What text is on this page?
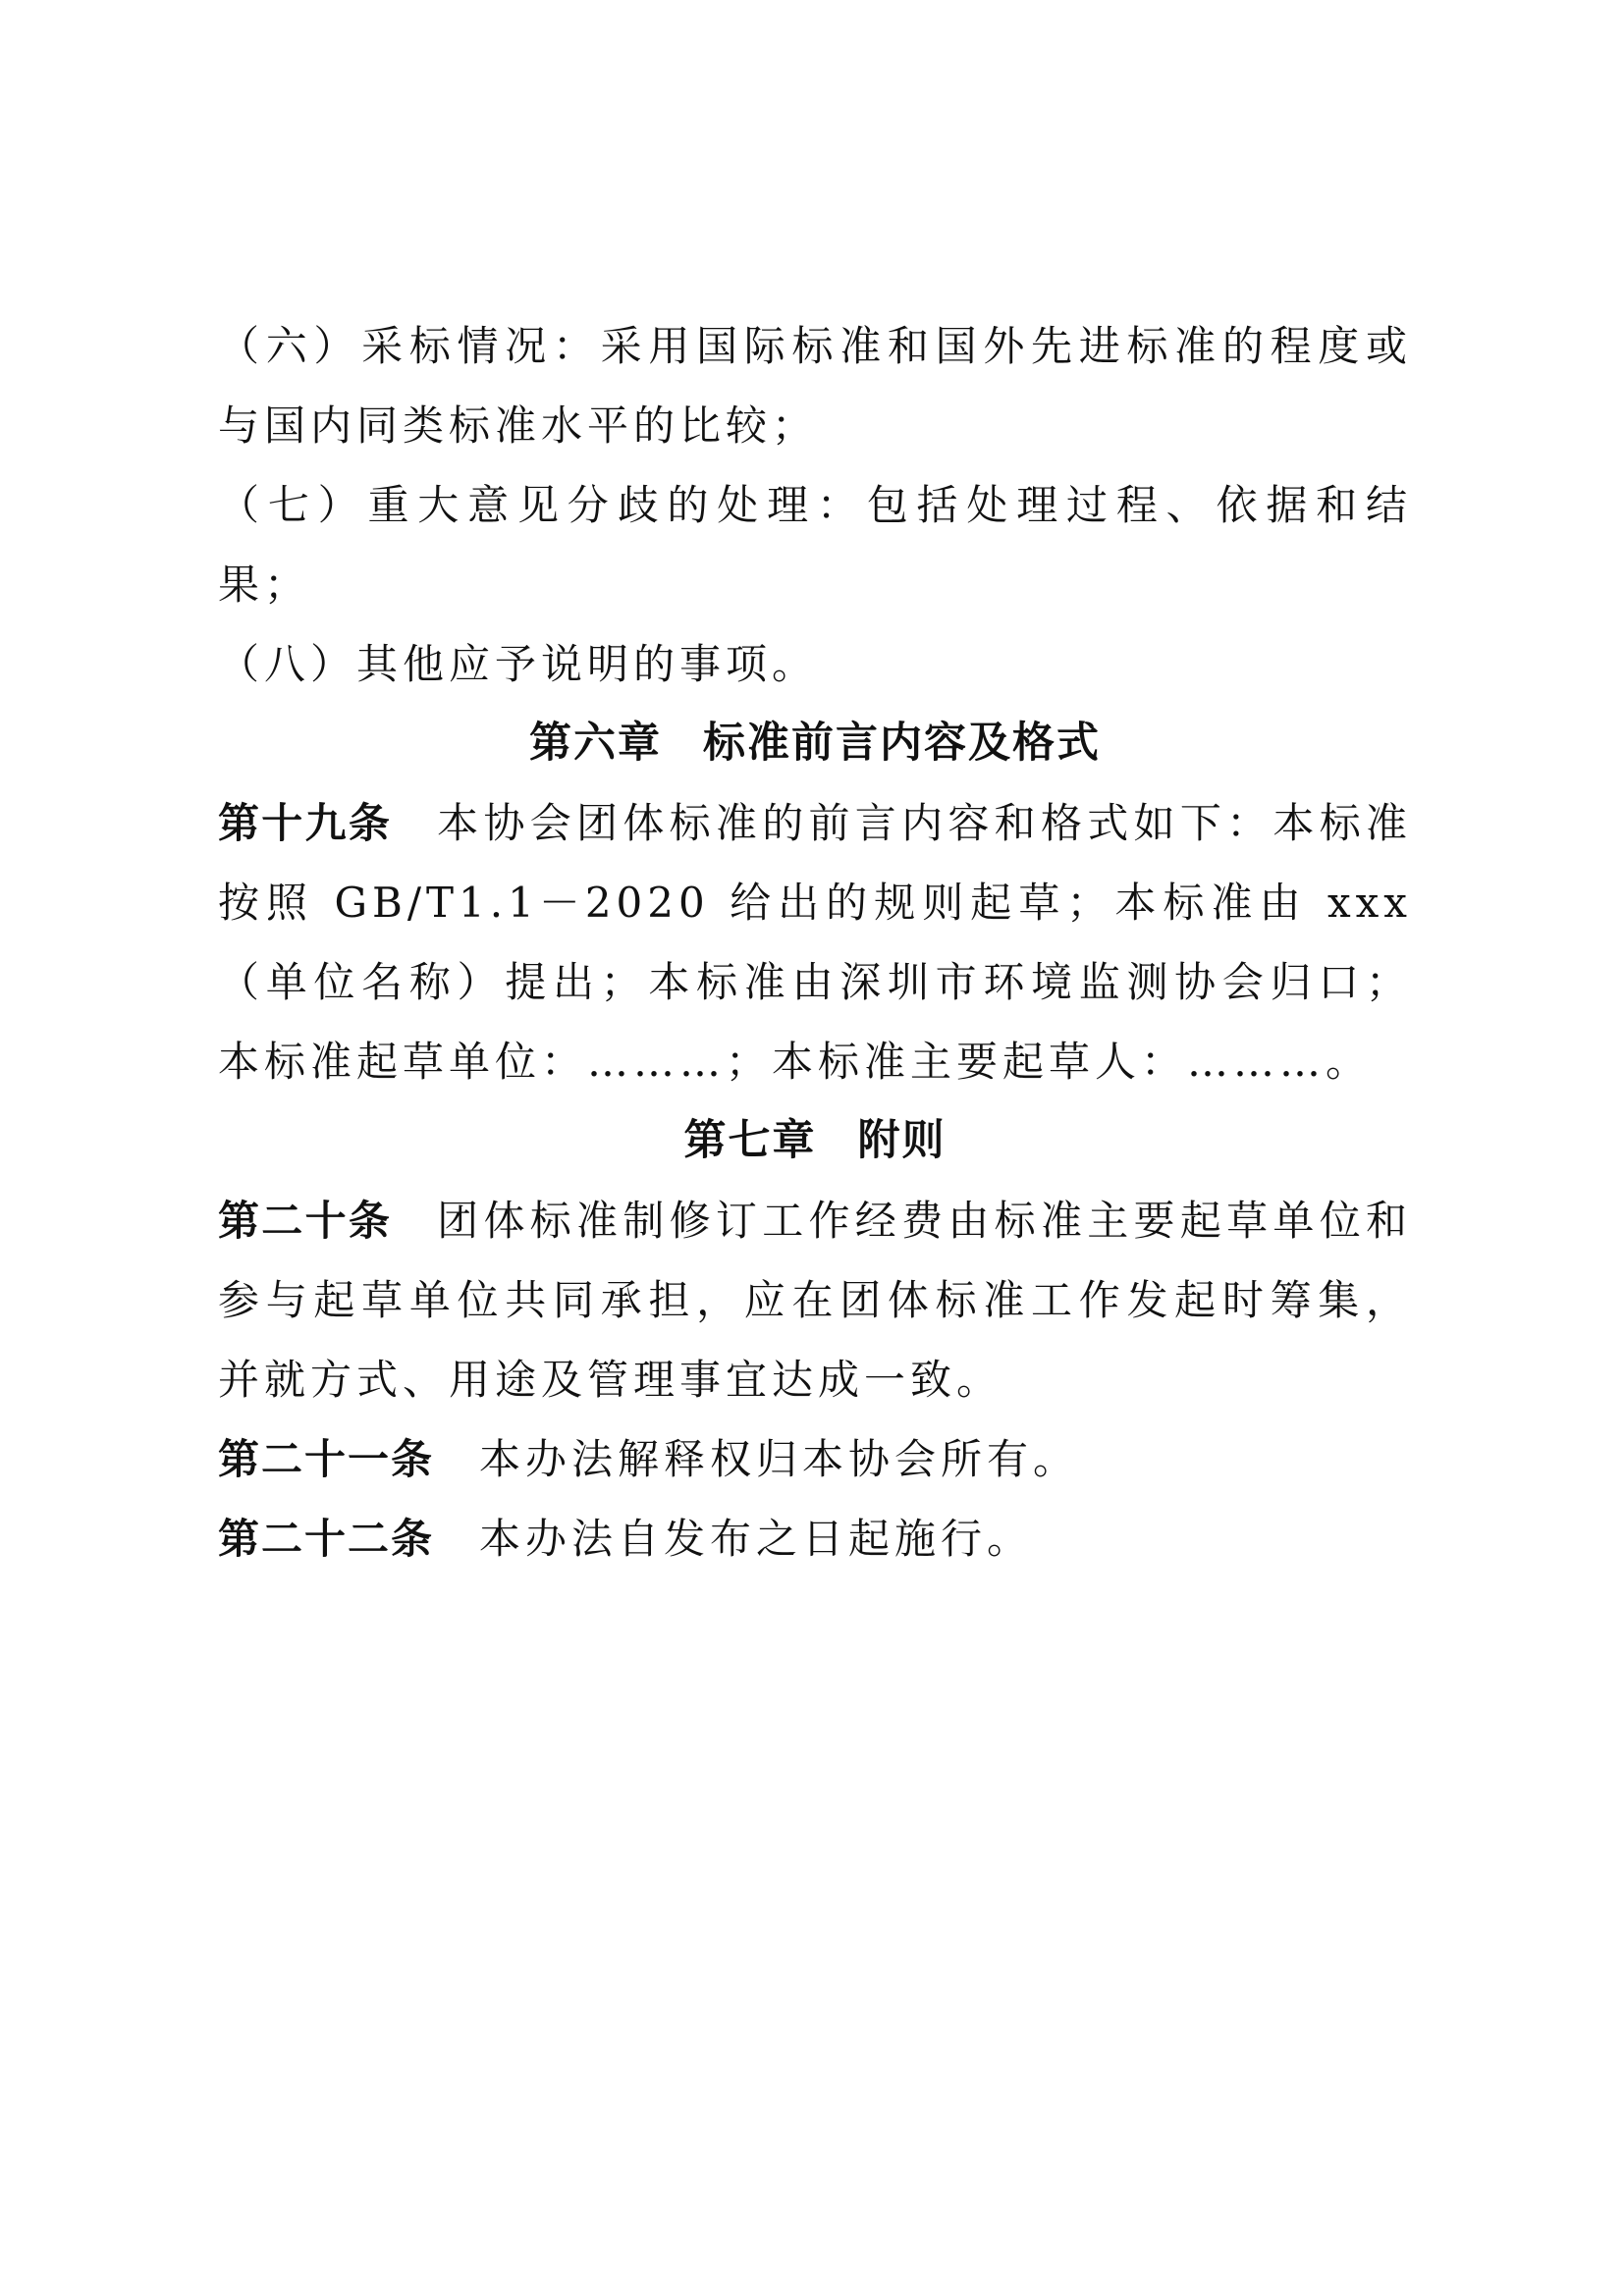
（六）采标情况：采用国际标准和国外先进标准的程度或与国内同类标准水平的比较；

（七）重大意见分歧的处理：包括处理过程、依据和结果；

（八）其他应予说明的事项。

第六章 标准前言内容及格式

第十九条 本协会团体标准的前言内容和格式如下：本标准按照 GB/T1.1－2020 给出的规则起草；本标准由 xxx（单位名称）提出；本标准由深圳市环境监测协会归口；本标准起草单位：………；本标准主要起草人：………。

第七章 附则

第二十条 团体标准制修订工作经费由标准主要起草单位和参与起草单位共同承担，应在团体标准工作发起时筹集，并就方式、用途及管理事宜达成一致。

第二十一条 本办法解释权归本协会所有。

第二十二条 本办法自发布之日起施行。
